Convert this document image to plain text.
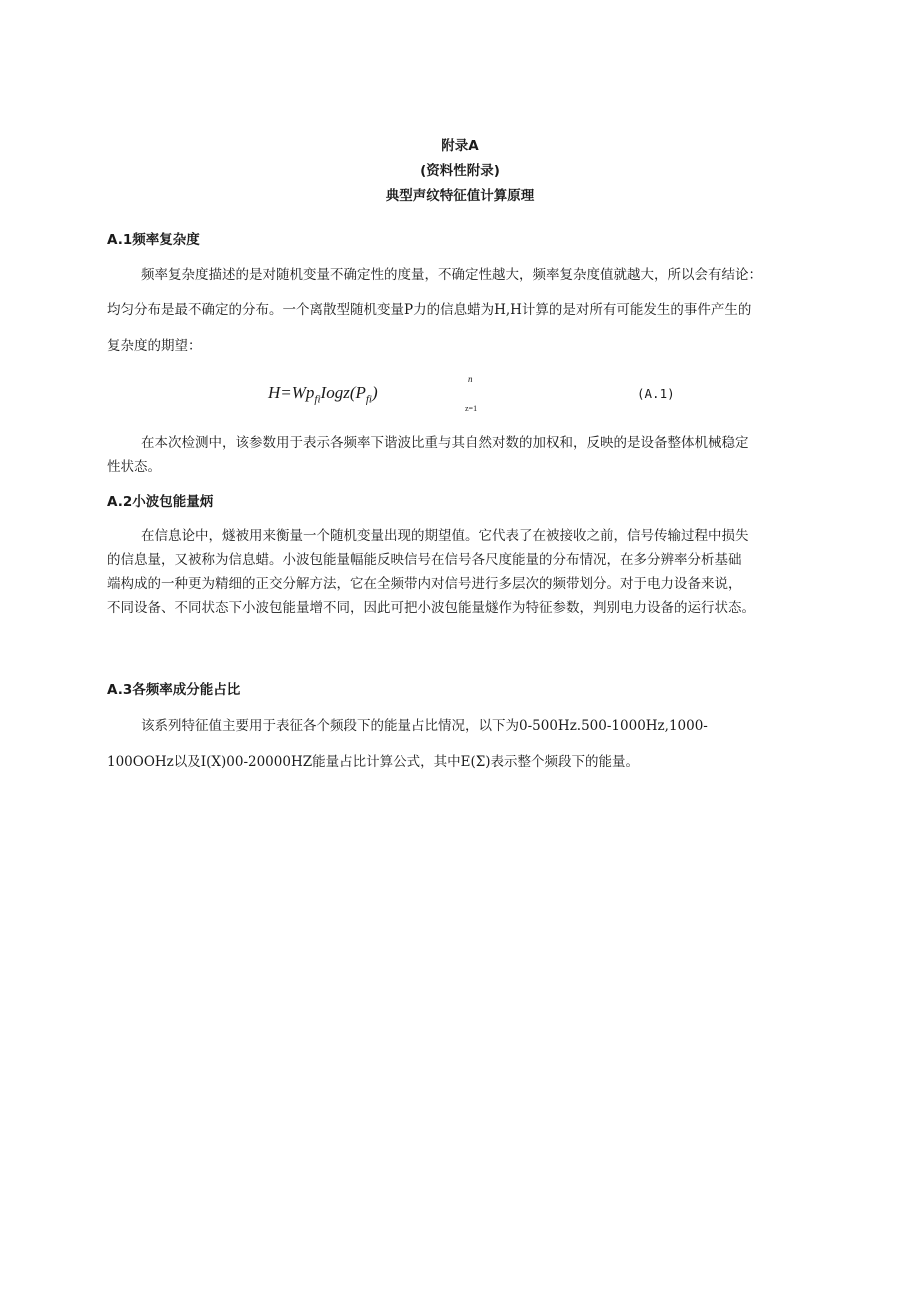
附录A
(资料性附录)
典型声纹特征值计算原理
A.1频率复杂度
频率复杂度描述的是对随机变量不确定性的度量，不确定性越大，频率复杂度值就越大，所以会有结论：
均匀分布是最不确定的分布。一个离散型随机变量P力的信息蜡为H,H计算的是对所有可能发生的事件产生的
复杂度的期望：
$H=Wp_{fi}Iogz(P_{fi})$
n
z=1
(A.1)
在本次检测中，该参数用于表示各频率下谐波比重与其自然对数的加权和，反映的是设备整体机械稳定
性状态。
A.2小波包能量炳
在信息论中，燧被用来衡量一个随机变量出现的期望值。它代表了在被接收之前，信号传输过程中损失
的信息量，又被称为信息蜡。小波包能量幅能反映信号在信号各尺度能量的分布情况，在多分辨率分析基础
端构成的一种更为精细的正交分解方法，它在全频带内对信号进行多层次的频带划分。对于电力设备来说，
不同设备、不同状态下小波包能量增不同，因此可把小波包能量燧作为特征参数，判别电力设备的运行状态。
A.3各频率成分能占比
该系列特征值主要用于表征各个频段下的能量占比情况，以下为0-500Hz.500-1000Hz,1000-
100OOHz以及I(X)00-20000HZ能量占比计算公式，其中E(Σ)表示整个频段下的能量。
